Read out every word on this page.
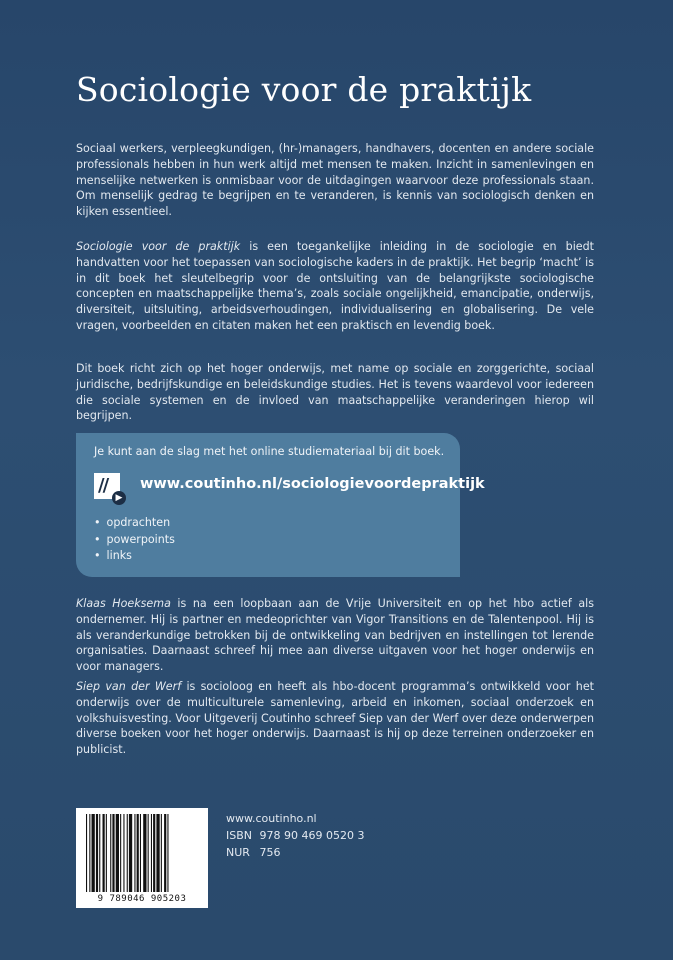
Sociologie voor de praktijk
Sociaal werkers, verpleegkundigen, (hr-)managers, handhavers, docenten en andere sociale professionals hebben in hun werk altijd met mensen te maken. Inzicht in samenlevingen en menselijke netwerken is onmisbaar voor de uitdagingen waarvoor deze professionals staan. Om menselijk gedrag te begrijpen en te veranderen, is kennis van sociologisch denken en kijken essentieel.
Sociologie voor de praktijk is een toegankelijke inleiding in de sociologie en biedt handvatten voor het toepassen van sociologische kaders in de praktijk. Het begrip ‘macht’ is in dit boek het sleutelbegrip voor de ontsluiting van de belangrijkste sociologische concepten en maatschappelijke thema’s, zoals sociale ongelijkheid, emancipatie, onderwijs, diversiteit, uitsluiting, arbeidsverhoudingen, individualisering en globalisering. De vele vragen, voorbeelden en citaten maken het een praktisch en levendig boek.
Dit boek richt zich op het hoger onderwijs, met name op sociale en zorggerichte, sociaal juridische, bedrijfskundige en beleidskundige studies. Het is tevens waardevol voor iedereen die sociale systemen en de invloed van maatschappelijke veranderingen hierop wil begrijpen.
Je kunt aan de slag met het online studiemateriaal bij dit boek.
//
▶
www.coutinho.nl/sociologievoordepraktijk
• opdrachten
• powerpoints
• links
Klaas Hoeksema is na een loopbaan aan de Vrije Universiteit en op het hbo actief als ondernemer. Hij is partner en medeoprichter van Vigor Transitions en de Talentenpool. Hij is als veranderkundige betrokken bij de ontwikkeling van bedrijven en instellingen tot lerende organisaties. Daarnaast schreef hij mee aan diverse uitgaven voor het hoger onderwijs en voor managers.
Siep van der Werf is socioloog en heeft als hbo-docent programma’s ontwikkeld voor het onderwijs over de multiculturele samenleving, arbeid en inkomen, sociaal onderzoek en volkshuisvesting. Voor Uitgeverij Coutinho schreef Siep van der Werf over deze onderwerpen diverse boeken voor het hoger onderwijs. Daarnaast is hij op deze terreinen onderzoeker en publicist.
9 789046 905203
www.coutinho.nl
ISBN 978 90 469 0520 3
NUR 756
